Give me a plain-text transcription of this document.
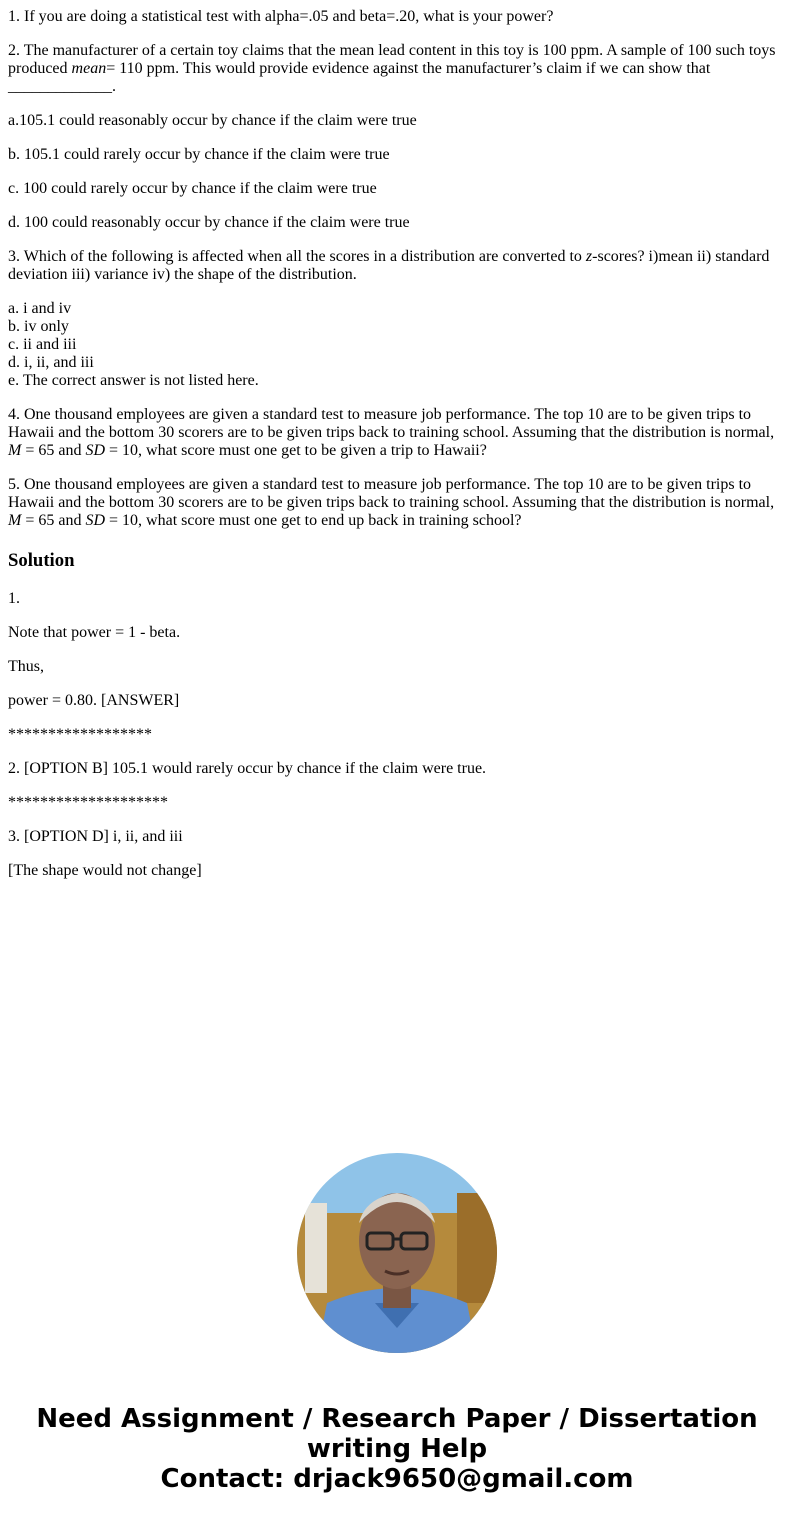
1. If you are doing a statistical test with alpha=.05 and beta=.20, what is your power?

2. The manufacturer of a certain toy claims that the mean lead content in this toy is 100 ppm. A sample of 100 such toys produced mean= 110 ppm. This would provide evidence against the manufacturer’s claim if we can show that _____________.

a.105.1 could reasonably occur by chance if the claim were true

b. 105.1 could rarely occur by chance if the claim were true

c. 100 could rarely occur by chance if the claim were true

d. 100 could reasonably occur by chance if the claim were true

3. Which of the following is affected when all the scores in a distribution are converted to z-scores? i)mean ii) standard deviation iii) variance iv) the shape of the distribution.

a. i and iv

b. iv only

c. ii and iii

d. i, ii, and iii

e. The correct answer is not listed here.

4. One thousand employees are given a standard test to measure job performance. The top 10 are to be given trips to Hawaii and the bottom 30 scorers are to be given trips back to training school. Assuming that the distribution is normal, M = 65 and SD = 10, what score must one get to be given a trip to Hawaii?

5. One thousand employees are given a standard test to measure job performance. The top 10 are to be given trips to Hawaii and the bottom 30 scorers are to be given trips back to training school. Assuming that the distribution is normal, M = 65 and SD = 10, what score must one get to end up back in training school?

Solution

1.

Note that power = 1 - beta.

Thus,

power = 0.80. [ANSWER]

******************

2. [OPTION B] 105.1 would rarely occur by chance if the claim were true.

********************

3. [OPTION D] i, ii, and iii

[The shape would not change]

Need Assignment / Research Paper / Dissertation
writing Help
Contact: drjack9650@gmail.com
